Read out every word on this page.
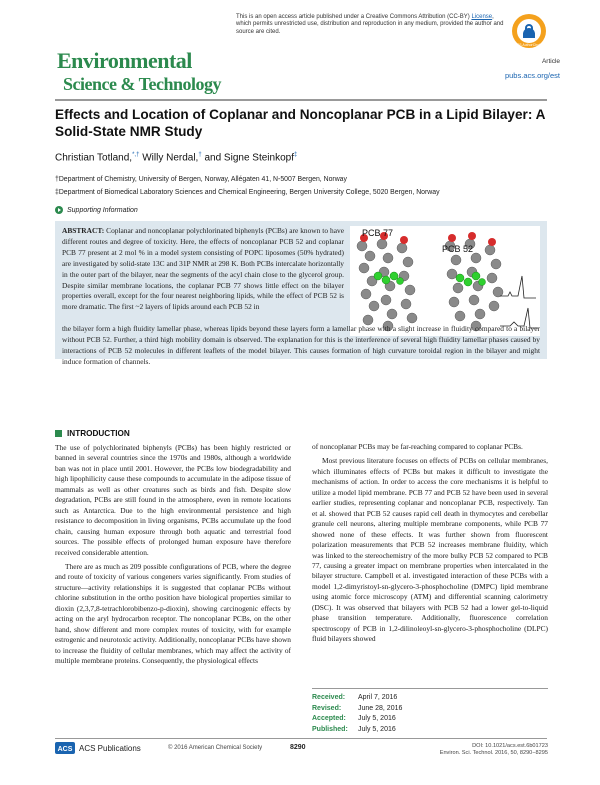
This is an open access article published under a Creative Commons Attribution (CC-BY) License, which permits unrestricted use, distribution and reproduction in any medium, provided the author and source are cited.
ACS AuthorChoice
Article
Environmental
Science & Technology	pubs.acs.org/est
Effects and Location of Coplanar and Noncoplanar PCB in a Lipid Bilayer: A Solid-State NMR Study
Christian Totland,*,† Willy Nerdal,† and Signe Steinkopf‡
†Department of Chemistry, University of Bergen, Norway, Allégaten 41, N-5007 Bergen, Norway
‡Department of Biomedical Laboratory Sciences and Chemical Engineering, Bergen University College, 5020 Bergen, Norway
Supporting Information

ABSTRACT: Coplanar and noncoplanar polychlorinated biphenyls (PCBs) are known to have different routes and degree of toxicity. Here, the effects of noncoplanar PCB 52 and coplanar PCB 77 present at 2 mol % in a model system consisting of POPC liposomes (50% hydrated) are investigated by solid-state 13C and 31P NMR at 298 K. Both PCBs intercalate horizontally in the outer part of the bilayer, near the segments of the acyl chain close to the glycerol group. Despite similar membrane locations, the coplanar PCB 77 shows little effect on the bilayer properties overall, except for the four nearest neighboring lipids, while the effect of PCB 52 is more dramatic. The first ~2 layers of lipids around each PCB 52 in

PCB 77
PCB 52

the bilayer form a high fluidity lamellar phase, whereas lipids beyond these layers form a lamellar phase with a slight increase in fluidity compared to a bilayer without PCB 52. Further, a third high mobility domain is observed. The explanation for this is the interference of several high fluidity lamellar phases caused by interactions of PCB 52 molecules in different leaflets of the model bilayer. This causes formation of high curvature toroidal region in the bilayer and might induce formation of channels.

INTRODUCTION

The use of polychlorinated biphenyls (PCBs) has been highly restricted or banned in several countries since the 1970s and 1980s, although a worldwide ban was not in place until 2001. However, the PCBs low biodegradability and high lipophilicity cause these compounds to accumulate in the adipose tissue of mammals as well as other creatures such as birds and fish. Despite slow degradation, PCBs are still found in the atmosphere, even in remote locations such as Antarctica. Due to the high environmental persistence and high resistance to decomposition in living organisms, PCBs accumulate up the food chain, causing human exposure through both aquatic and terrestrial food sources. The possible effects of prolonged human exposure have therefore received considerable attention.

There are as much as 209 possible configurations of PCB, where the degree and route of toxicity of various congeners varies significantly. From studies of structure—activity relationships it is suggested that coplanar PCBs without chlorine substitution in the ortho position have biological properties similar to dioxin (2,3,7,8-tetrachlorobibenzo-p-dioxin), showing carcinogenic effects by acting on the aryl hydrocarbon receptor. The noncoplanar PCBs, on the other hand, show different and more complex routes of toxicity, with for example estrogenic and neurotoxic activity. Additionally, noncoplanar PCBs have shown to increase the fluidity of cellular membranes, which may affect the activity of multiple membrane proteins. Consequently, the physiological effects

of noncoplanar PCBs may be far-reaching compared to coplanar PCBs.

Most previous literature focuses on effects of PCBs on cellular membranes, which illuminates effects of PCBs but makes it difficult to investigate the mechanisms of action. In order to access the core mechanisms it is helpful to utilize a model lipid membrane. PCB 77 and PCB 52 have been used in several earlier studies, representing coplanar and noncoplanar PCB, respectively. Tan et al. showed that PCB 52 causes rapid cell death in thymocytes and cerebellar granule cell neurons, altering multiple membrane components, while PCB 77 showed none of these effects. It was further shown from fluorescent polarization measurements that PCB 52 increases membrane fluidity, which was linked to the stereochemistry of the more bulky PCB 52 compared to PCB 77, causing a greater impact on membrane properties when intercalated in the bilayer structure. Campbell et al. investigated interaction of these PCBs with a model 1,2-dimyristoyl-sn-glycero-3-phosphocholine (DMPC) lipid membrane using atomic force microscopy (ATM) and differential scanning calorimetry (DSC). It was observed that bilayers with PCB 52 had a lower gel-to-liquid phase transition temperature. Additionally, fluorescence correlation spectroscopy of PCB in 1,2-dilinoleoyl-sn-glycero-3-phosphocholine (DLPC) fluid bilayers showed

Received:	April 7, 2016
Revised:	June 28, 2016
Accepted:	July 5, 2016
Published:	July 5, 2016
ACS ACS Publications	© 2016 American Chemical Society	8290	DOI: 10.1021/acs.est.6b01723
Environ. Sci. Technol. 2016, 50, 8290−8295
